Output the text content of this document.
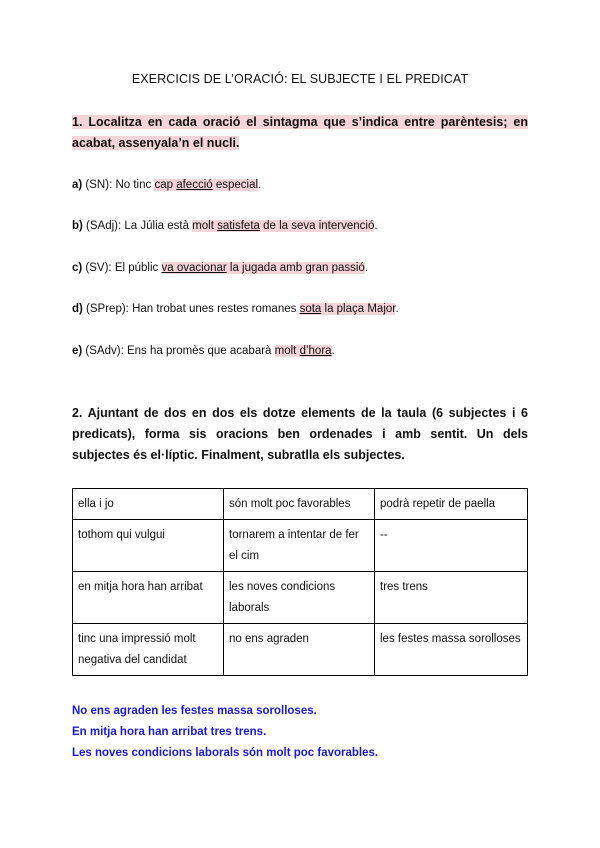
EXERCICIS DE L’ORACIÓ: EL SUBJECTE I EL PREDICAT
1. Localitza en cada oració el sintagma que s’indica entre parèntesis; en acabat, assenyala’n el nucli.
a) (SN): No tinc cap afecció especial.
b) (SAdj): La Júlia està molt satisfeta de la seva intervenció.
c) (SV): El públic va ovacionar la jugada amb gran passió.
d) (SPrep): Han trobat unes restes romanes sota la plaça Major.
e) (SAdv): Ens ha promès que acabarà molt d’hora.
2. Ajuntant de dos en dos els dotze elements de la taula (6 subjectes i 6 predicats), forma sis oracions ben ordenades i amb sentit. Un dels subjectes és el·líptic. Finalment, subratlla els subjectes.
ella i jo	són molt poc favorables	podrà repetir de paella
tothom qui vulgui	tornarem a intentar de fer el cim	--
en mitja hora han arribat	les noves condicions laborals	tres trens
tinc una impressió molt negativa del candidat	no ens agraden	les festes massa sorolloses
No ens agraden les festes massa sorolloses.
En mitja hora han arribat tres trens.
Les noves condicions laborals són molt poc favorables.
